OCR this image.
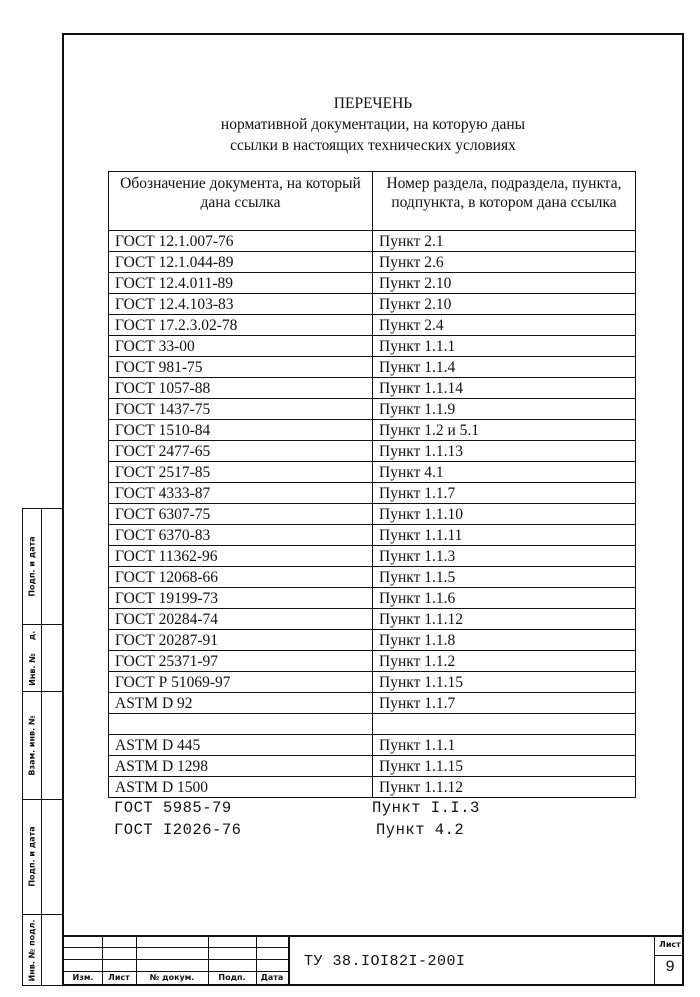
ПЕРЕЧЕНЬ
нормативной документации, на которую даны
ссылки в настоящих технических условиях
Обозначение документа, на который дана ссылка	Номер раздела, подраздела, пункта, подпункта, в котором дана ссылка
ГОСТ 12.1.007-76	Пункт 2.1
ГОСТ 12.1.044-89	Пункт 2.6
ГОСТ 12.4.011-89	Пункт 2.10
ГОСТ 12.4.103-83	Пункт 2.10
ГОСТ 17.2.3.02-78	Пункт 2.4
ГОСТ 33-00	Пункт 1.1.1
ГОСТ 981-75	Пункт 1.1.4
ГОСТ 1057-88	Пункт 1.1.14
ГОСТ 1437-75	Пункт 1.1.9
ГОСТ 1510-84	Пункт 1.2 и 5.1
ГОСТ 2477-65	Пункт 1.1.13
ГОСТ 2517-85	Пункт 4.1
ГОСТ 4333-87	Пункт 1.1.7
ГОСТ 6307-75	Пункт 1.1.10
ГОСТ 6370-83	Пункт 1.1.11
ГОСТ 11362-96	Пункт 1.1.3
ГОСТ 12068-66	Пункт 1.1.5
ГОСТ 19199-73	Пункт 1.1.6
ГОСТ 20284-74	Пункт 1.1.12
ГОСТ 20287-91	Пункт 1.1.8
ГОСТ 25371-97	Пункт 1.1.2
ГОСТ Р 51069-97	Пункт 1.1.15
ASTM D 92	Пункт 1.1.7

ASTM D 445	Пункт 1.1.1
ASTM D 1298	Пункт 1.1.15
ASTM D 1500	Пункт 1.1.12
ГОСТ 5985-79	Пункт I.I.3
ГОСТ I2026-76	Пункт 4.2
Подп. и дата
д.
Инв. №
Взам. инв. №
Подп. и дата
Инв. № подл.	Изм.	Лист	№ докум.	Подп.	Дата
ТУ 38.IOI82I-200I
Лист
9
